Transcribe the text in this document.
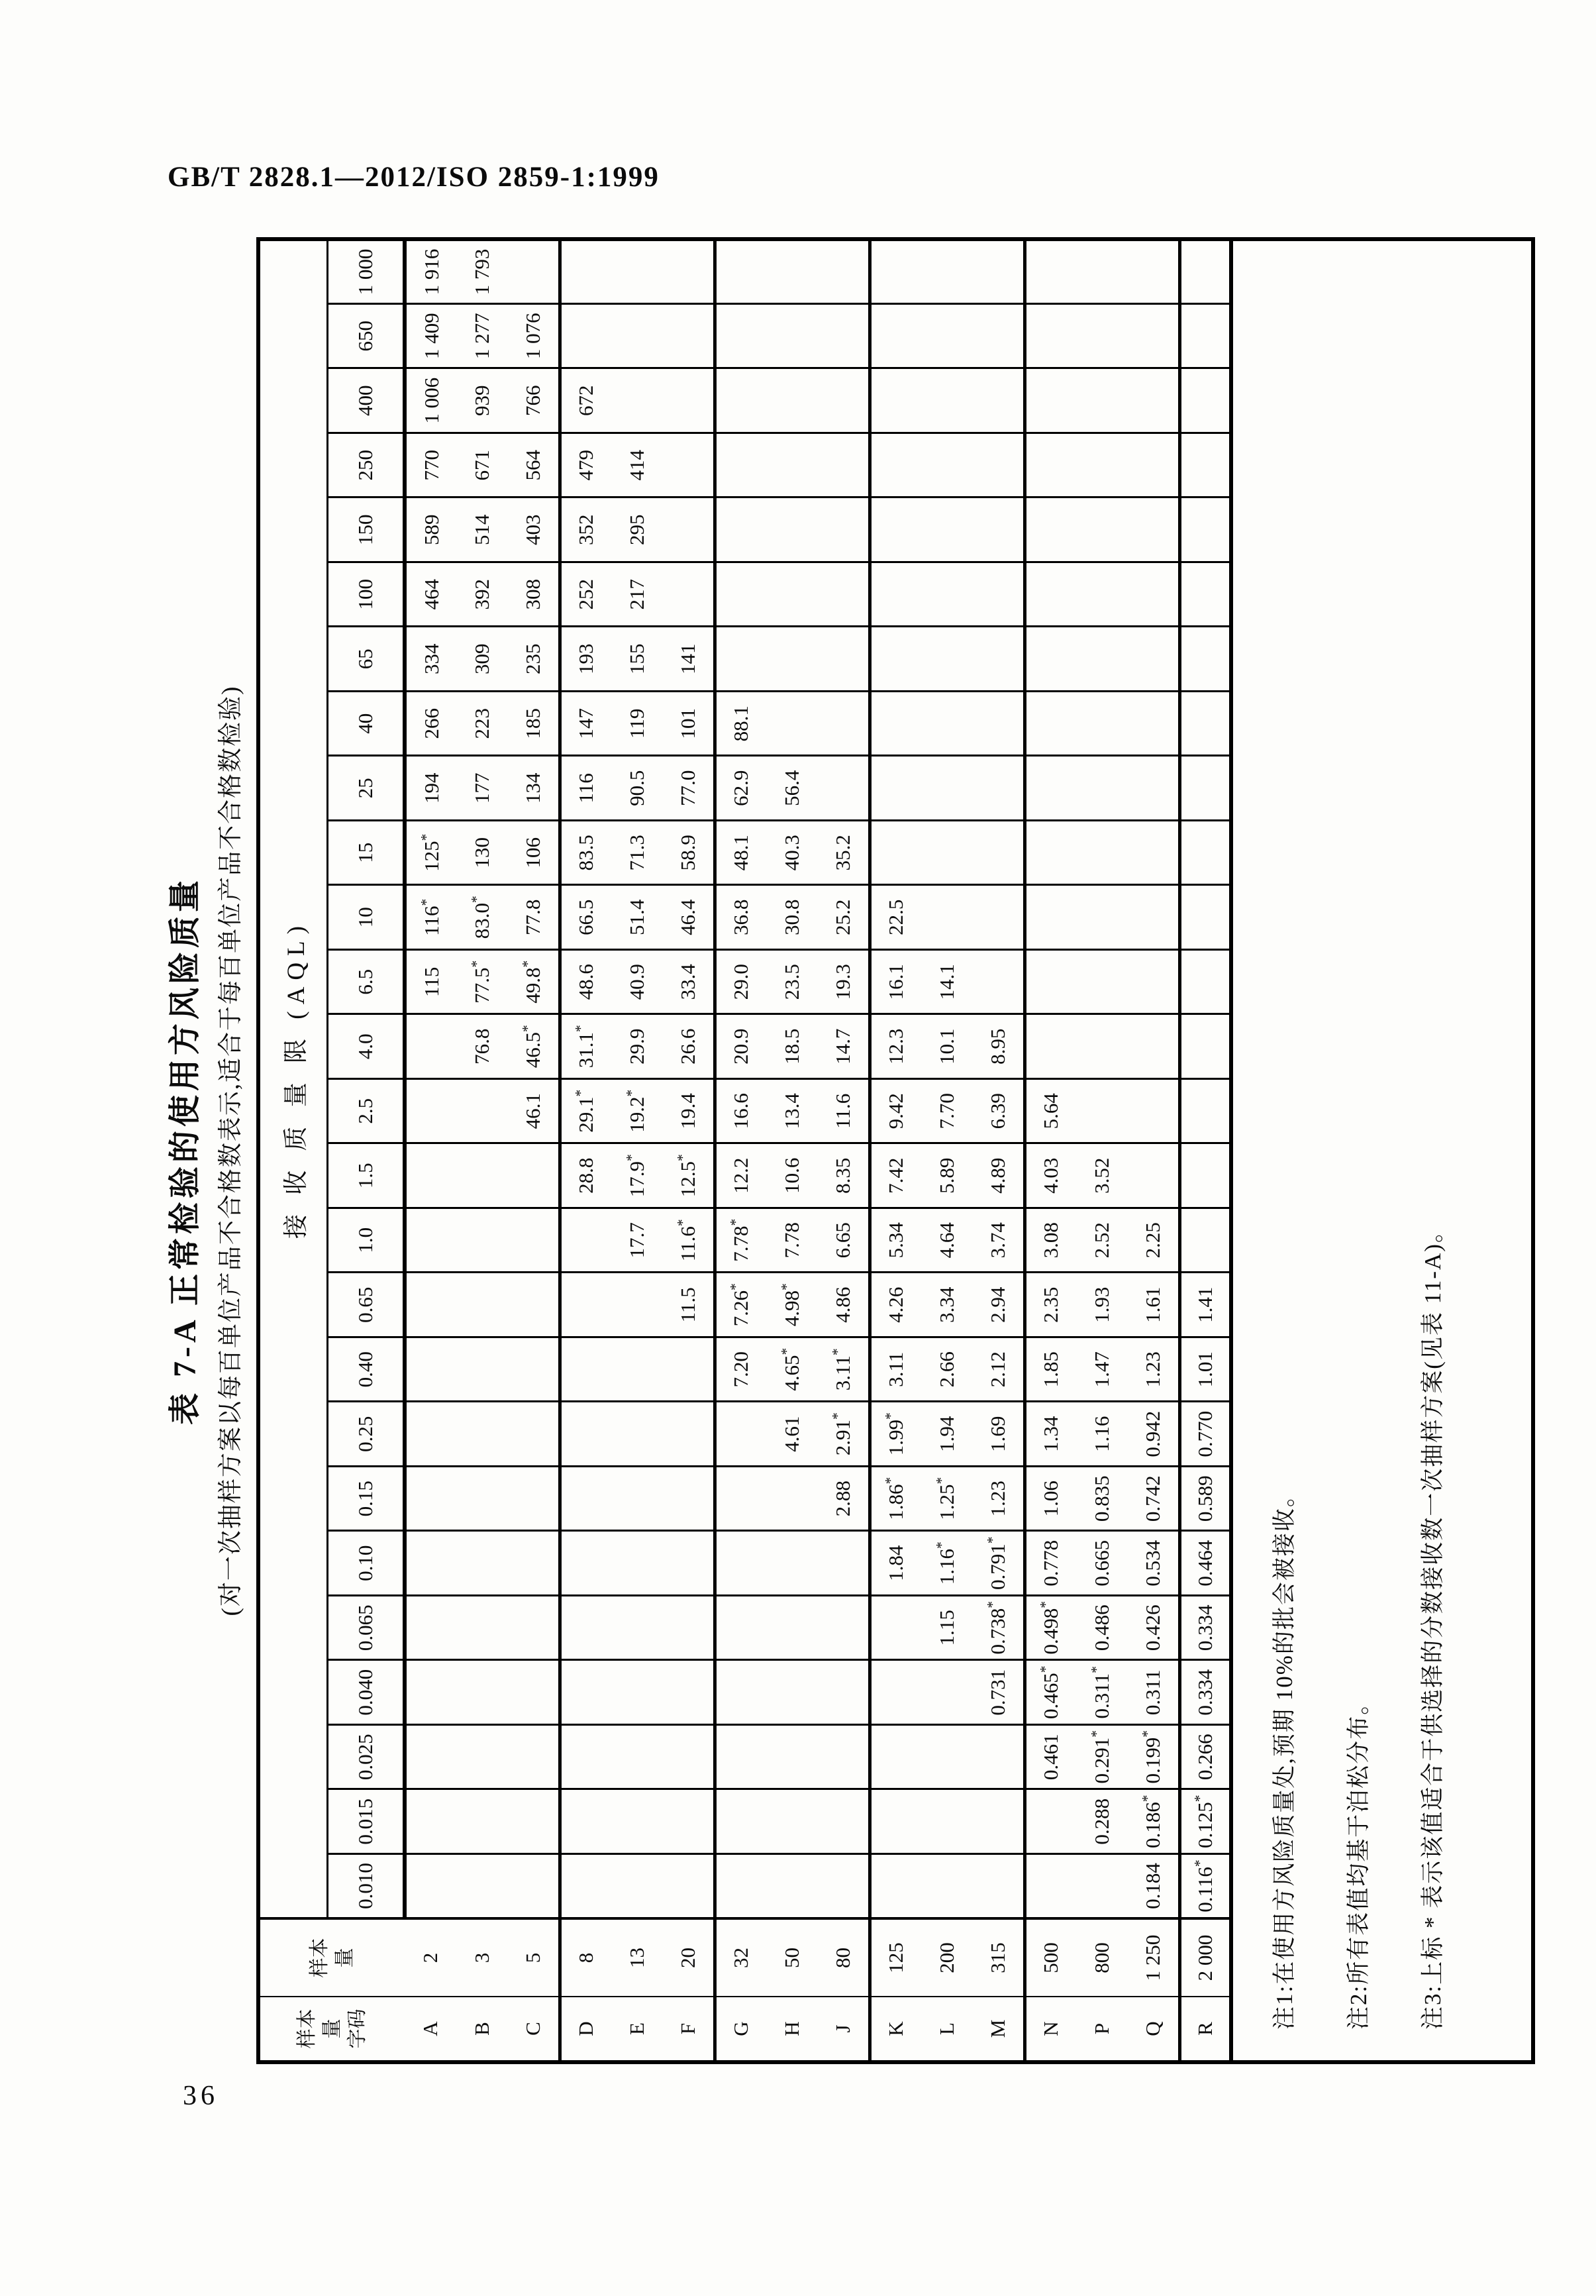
GB/T 2828.1—2012/ISO 2859-1:1999
表 7-A 正常检验的使用方风险质量 (对一次抽样方案以每百单位产品不合格数表示,适合于每百单位产品不合格数检验)
样本 量 字码

样本 量
	接 收 质 量 限 (AQL)
		0.010	0.015	0.025	0.040	0.065	0.10	0.15	0.25	0.40	0.65	1.0	1.5	2.5	4.0	6.5	10	15	25	40	65	100	150	250	400	650	1 000
A	2															115	116*	125*	194	266	334	464	589	770	1 006	1 409	1 916
B	3														76.8	77.5*	83.0*	130	177	223	309	392	514	671	939	1 277	1 793
C	5													46.1	46.5*	49.8*	77.8	106	134	185	235	308	403	564	766	1 076	
D	8												28.8	29.1*	31.1*	48.6	66.5	83.5	116	147	193	252	352	479	672		
E	13											17.7	17.9*	19.2*	29.9	40.9	51.4	71.3	90.5	119	155	217	295	414			
F	20										11.5	11.6*	12.5*	19.4	26.6	33.4	46.4	58.9	77.0	101	141						
G	32									7.20	7.26*	7.78*	12.2	16.6	20.9	29.0	36.8	48.1	62.9	88.1							
H	50								4.61	4.65*	4.98*	7.78	10.6	13.4	18.5	23.5	30.8	40.3	56.4								
J	80							2.88	2.91*	3.11*	4.86	6.65	8.35	11.6	14.7	19.3	25.2	35.2									
K	125						1.84	1.86*	1.99*	3.11	4.26	5.34	7.42	9.42	12.3	16.1	22.5										
L	200					1.15	1.16*	1.25*	1.94	2.66	3.34	4.64	5.89	7.70	10.1	14.1											
M	315				0.731	0.738*	0.791*	1.23	1.69	2.12	2.94	3.74	4.89	6.39	8.95												
N	500			0.461	0.465*	0.498*	0.778	1.06	1.34	1.85	2.35	3.08	4.03	5.64													
P	800		0.288	0.291*	0.311*	0.486	0.665	0.835	1.16	1.47	1.93	2.52	3.52														
Q	1 250	0.184	0.186*	0.199*	0.311	0.426	0.534	0.742	0.942	1.23	1.61	2.25															
R	2 000	0.116*	0.125*	0.266	0.334	0.334	0.464	0.589	0.770	1.01	1.41																

注1:在使用方风险质量处,预期 10%的批会被接收。 注2:所有表值均基于泊松分布。 注3:上标 * 表示该值适合于供选择的分数接收数一次抽样方案(见表 11-A)。																											
36
